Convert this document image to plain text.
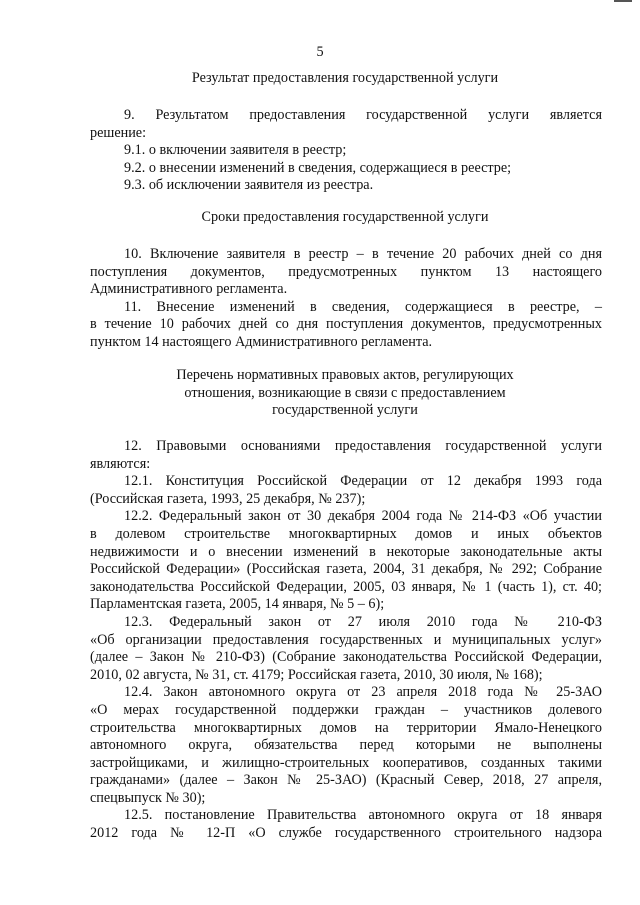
5
Результат предоставления государственной услуги
9. Результатом предоставления государственной услуги является
решение:
9.1. о включении заявителя в реестр;
9.2. о внесении изменений в сведения, содержащиеся в реестре;
9.3. об исключении заявителя из реестра.
Сроки предоставления государственной услуги
10. Включение заявителя в реестр – в течение 20 рабочих дней со дня
поступления документов, предусмотренных пунктом 13 настоящего
Административного регламента.
11. Внесение изменений в сведения, содержащиеся в реестре, –
в течение 10 рабочих дней со дня поступления документов, предусмотренных
пунктом 14 настоящего Административного регламента.
Перечень нормативных правовых актов, регулирующих
отношения, возникающие в связи с предоставлением
государственной услуги
12. Правовыми основаниями предоставления государственной услуги
являются:
12.1. Конституция Российской Федерации от 12 декабря 1993 года
(Российская газета, 1993, 25 декабря, № 237);
12.2. Федеральный закон от 30 декабря 2004 года № 214-ФЗ «Об участии
в долевом строительстве многоквартирных домов и иных объектов
недвижимости и о внесении изменений в некоторые законодательные акты
Российской Федерации» (Российская газета, 2004, 31 декабря, № 292; Собрание
законодательства Российской Федерации, 2005, 03 января, № 1 (часть 1), ст. 40;
Парламентская газета, 2005, 14 января, № 5 – 6);
12.3. Федеральный закон от 27 июля 2010 года № 210-ФЗ
«Об организации предоставления государственных и муниципальных услуг»
(далее – Закон № 210-ФЗ) (Собрание законодательства Российской Федерации,
2010, 02 августа, № 31, ст. 4179; Российская газета, 2010, 30 июля, № 168);
12.4. Закон автономного округа от 23 апреля 2018 года № 25-ЗАО
«О мерах государственной поддержки граждан – участников долевого
строительства многоквартирных домов на территории Ямало-Ненецкого
автономного округа, обязательства перед которыми не выполнены
застройщиками, и жилищно-строительных кооперативов, созданных такими
гражданами» (далее – Закон № 25-ЗАО) (Красный Север, 2018, 27 апреля,
спецвыпуск № 30);
12.5. постановление Правительства автономного округа от 18 января
2012 года № 12-П «О службе государственного строительного надзора
